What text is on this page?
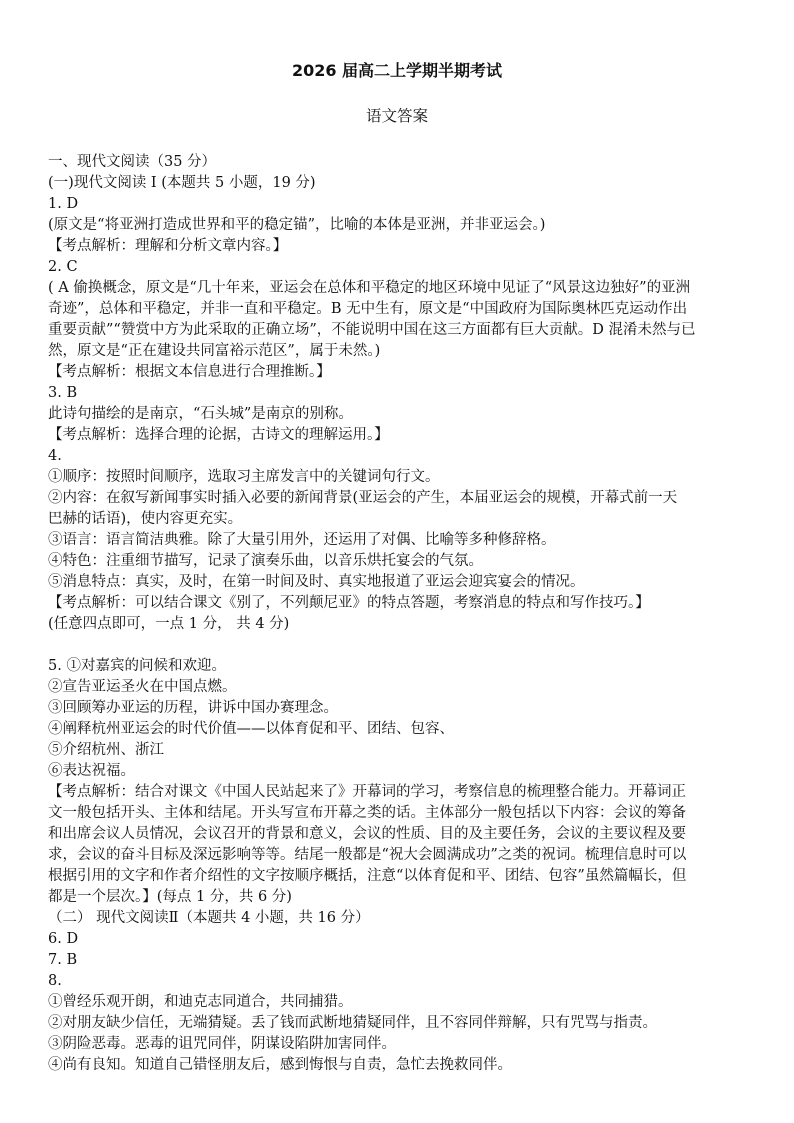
2026 届高二上学期半期考试
语文答案
一、现代文阅读（35 分）
(一)现代文阅读 I (本题共 5 小题，19 分)
1. D
(原文是“将亚洲打造成世界和平的稳定锚”，比喻的本体是亚洲，并非亚运会。)
【考点解析：理解和分析文章内容。】
2. C
( A 偷换概念，原文是“几十年来，亚运会在总体和平稳定的地区环境中见证了“风景这边独好”的亚洲
奇迹”，总体和平稳定，并非一直和平稳定。B 无中生有，原文是“中国政府为国际奥林匹克运动作出
重要贡献”“赞赏中方为此采取的正确立场”，不能说明中国在这三方面都有巨大贡献。D 混淆未然与已
然，原文是“正在建设共同富裕示范区”，属于未然。)
【考点解析：根据文本信息进行合理推断。】
3. B
此诗句描绘的是南京，“石头城”是南京的别称。
【考点解析：选择合理的论据，古诗文的理解运用。】
4.
①顺序：按照时间顺序，选取习主席发言中的关键词句行文。
②内容：在叙写新闻事实时插入必要的新闻背景(亚运会的产生，本届亚运会的规模，开幕式前一天
巴赫的话语)，使内容更充实。
③语言：语言简洁典雅。除了大量引用外，还运用了对偶、比喻等多种修辞格。
④特色：注重细节描写，记录了演奏乐曲，以音乐烘托宴会的气氛。
⑤消息特点：真实，及时，在第一时间及时、真实地报道了亚运会迎宾宴会的情况。
【考点解析：可以结合课文《别了，不列颠尼亚》的特点答题，考察消息的特点和写作技巧。】
(任意四点即可，一点 1 分， 共 4 分)
5. ①对嘉宾的问候和欢迎。
②宣告亚运圣火在中国点燃。
③回顾筹办亚运的历程，讲诉中国办赛理念。
④阐释杭州亚运会的时代价值——以体育促和平、团结、包容、
⑤介绍杭州、浙江
⑥表达祝福。
【考点解析：结合对课文《中国人民站起来了》开幕词的学习，考察信息的梳理整合能力。开幕词正
文一般包括开头、主体和结尾。开头写宣布开幕之类的话。主体部分一般包括以下内容：会议的筹备
和出席会议人员情况，会议召开的背景和意义，会议的性质、目的及主要任务，会议的主要议程及要
求，会议的奋斗目标及深远影响等等。结尾一般都是“祝大会圆满成功”之类的祝词。梳理信息时可以
根据引用的文字和作者介绍性的文字按顺序概括，注意“以体育促和平、团结、包容”虽然篇幅长，但
都是一个层次。】(每点 1 分，共 6 分)
（二） 现代文阅读Ⅱ（本题共 4 小题，共 16 分）
6. D
7. B
8.
①曾经乐观开朗，和迪克志同道合，共同捕猎。
②对朋友缺少信任，无端猜疑。丢了钱而武断地猜疑同伴，且不容同伴辩解，只有咒骂与指责。
③阴险恶毒。恶毒的诅咒同伴，阴谋设陷阱加害同伴。
④尚有良知。知道自己错怪朋友后，感到悔恨与自责，急忙去挽救同伴。
